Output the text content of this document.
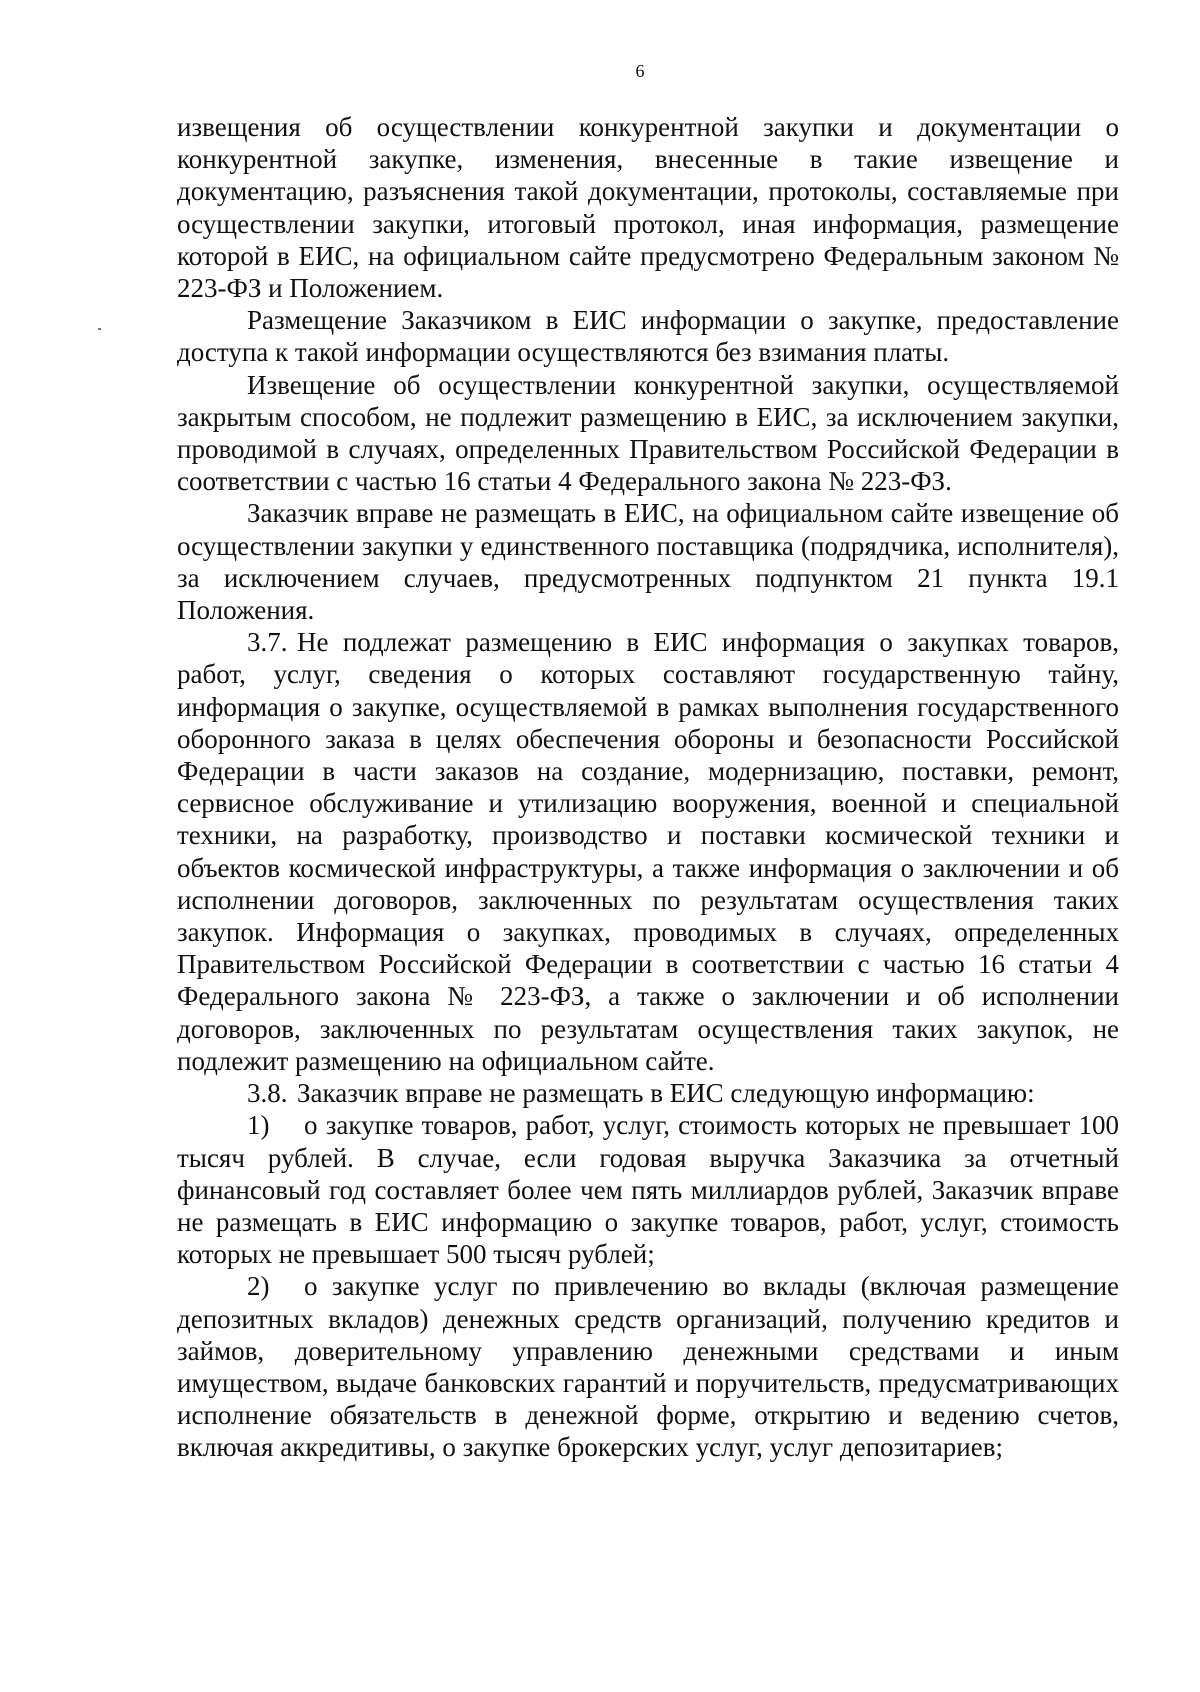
6

извещения об осуществлении конкурентной закупки и документации о конкурентной закупке, изменения, внесенные в такие извещение и документацию, разъяснения такой документации, протоколы, составляемые при осуществлении закупки, итоговый протокол, иная информация, размещение которой в ЕИС, на официальном сайте предусмотрено Федеральным законом № 223-ФЗ и Положением.

Размещение Заказчиком в ЕИС информации о закупке, предоставление доступа к такой информации осуществляются без взимания платы.

Извещение об осуществлении конкурентной закупки, осуществляемой закрытым способом, не подлежит размещению в ЕИС, за исключением закупки, проводимой в случаях, определенных Правительством Российской Федерации в соответствии с частью 16 статьи 4 Федерального закона № 223-ФЗ.

Заказчик вправе не размещать в ЕИС, на официальном сайте извещение об осуществлении закупки у единственного поставщика (подрядчика, исполнителя), за исключением случаев, предусмотренных подпунктом 21 пункта 19.1 Положения.

3.7. Не подлежат размещению в ЕИС информация о закупках товаров, работ, услуг, сведения о которых составляют государственную тайну, информация о закупке, осуществляемой в рамках выполнения государственного оборонного заказа в целях обеспечения обороны и безопасности Российской Федерации в части заказов на создание, модернизацию, поставки, ремонт, сервисное обслуживание и утилизацию вооружения, военной и специальной техники, на разработку, производство и поставки космической техники и объектов космической инфраструктуры, а также информация о заключении и об исполнении договоров, заключенных по результатам осуществления таких закупок. Информация о закупках, проводимых в случаях, определенных Правительством Российской Федерации в соответствии с частью 16 статьи 4 Федерального закона № 223-ФЗ, а также о заключении и об исполнении договоров, заключенных по результатам осуществления таких закупок, не подлежит размещению на официальном сайте.

3.8. Заказчик вправе не размещать в ЕИС следующую информацию:

1) о закупке товаров, работ, услуг, стоимость которых не превышает 100 тысяч рублей. В случае, если годовая выручка Заказчика за отчетный финансовый год составляет более чем пять миллиардов рублей, Заказчик вправе не размещать в ЕИС информацию о закупке товаров, работ, услуг, стоимость которых не превышает 500 тысяч рублей;

2) о закупке услуг по привлечению во вклады (включая размещение депозитных вкладов) денежных средств организаций, получению кредитов и займов, доверительному управлению денежными средствами и иным имуществом, выдаче банковских гарантий и поручительств, предусматривающих исполнение обязательств в денежной форме, открытию и ведению счетов, включая аккредитивы, о закупке брокерских услуг, услуг депозитариев;
